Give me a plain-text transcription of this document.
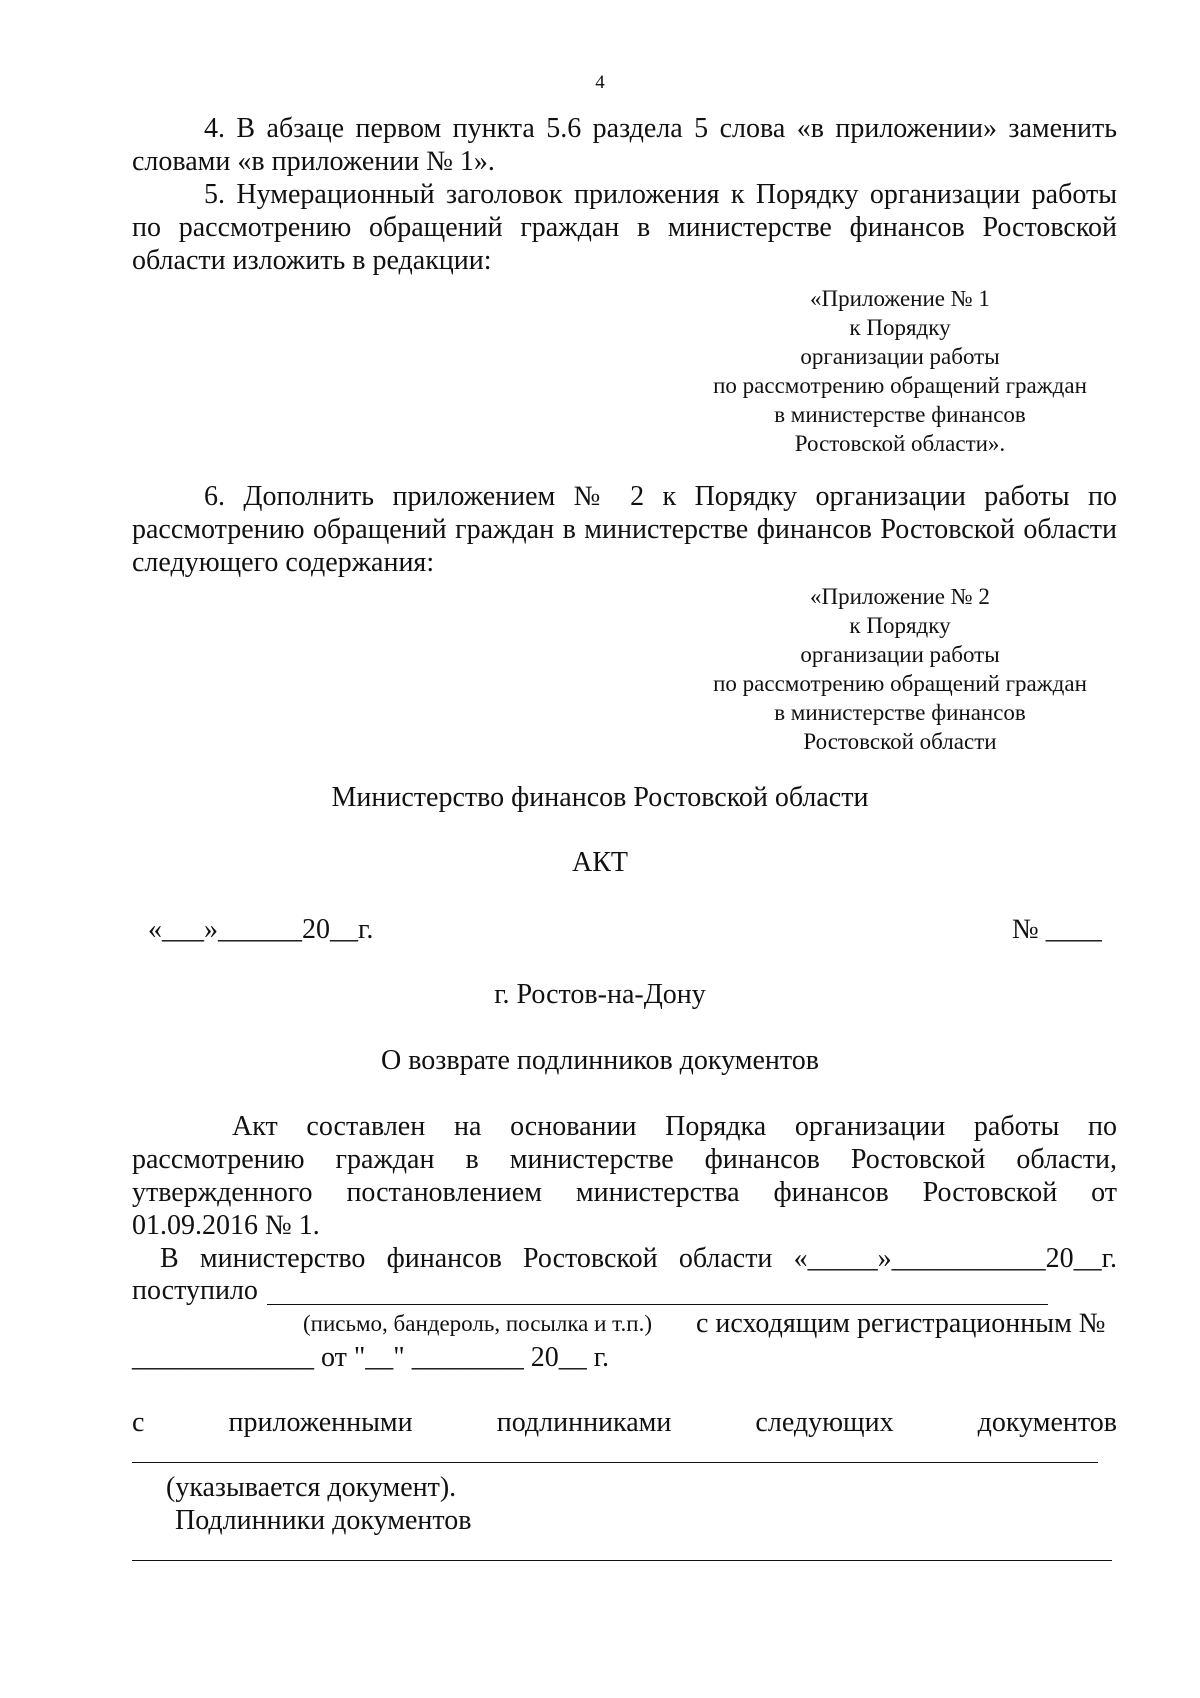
4
4. В абзаце первом пункта 5.6 раздела 5 слова «в приложении» заменить
словами «в приложении № 1».
5. Нумерационный заголовок приложения к Порядку организации работы
по рассмотрению обращений граждан в министерстве финансов Ростовской
области изложить в редакции:
«Приложение № 1
к Порядку
организации работы
по рассмотрению обращений граждан
в министерстве финансов
Ростовской области».
6. Дополнить приложением № 2 к Порядку организации работы по
рассмотрению обращений граждан в министерстве финансов Ростовской области
следующего содержания:
«Приложение № 2
к Порядку
организации работы
по рассмотрению обращений граждан
в министерстве финансов
Ростовской области
Министерство финансов Ростовской области
АКТ
«___»______20__г.	№ ____
г. Ростов-на-Дону
О возврате подлинников документов
Акт составлен на основании Порядка организации работы по
рассмотрению граждан в министерстве финансов Ростовской области,
утвержденного постановлением министерства финансов Ростовской от
01.09.2016 № 1.
В министерство финансов Ростовской области «_____»___________20__г.
поступило
(письмо, бандероль, посылка и т.п.) с исходящим регистрационным №
_____________ от "__" ________ 20__ г.
с	приложенными	подлинниками	следующих	документов
(указывается документ).
Подлинники документов
